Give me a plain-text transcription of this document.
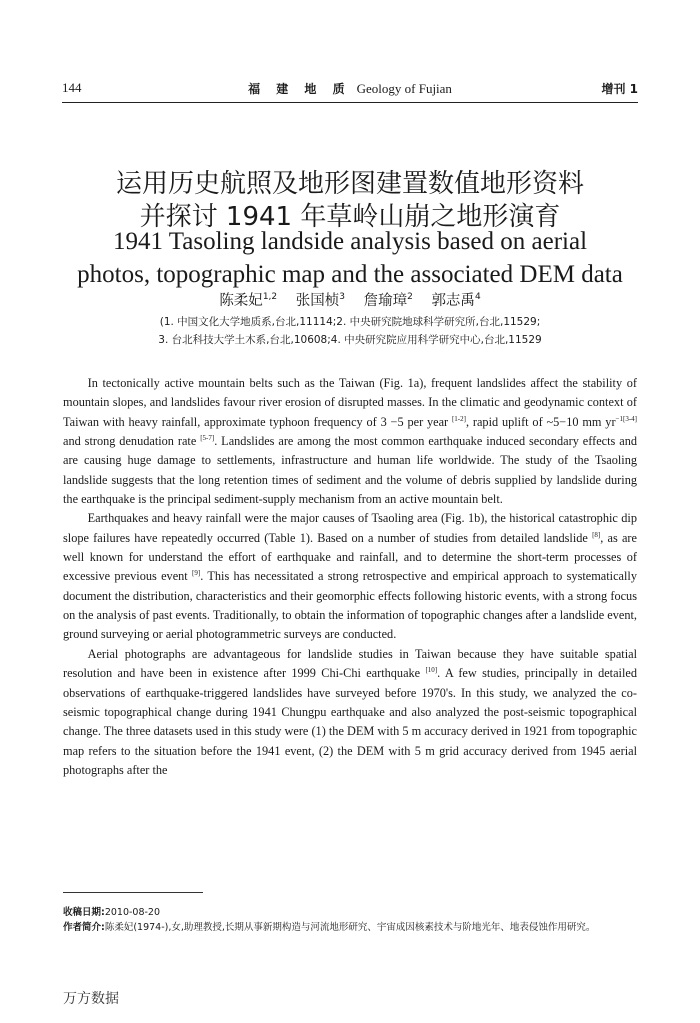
144	福 建 地 质 Geology of Fujian	增刊 1
运用历史航照及地形图建置数值地形资料
并探讨 1941 年草岭山崩之地形演育
1941 Tasoling landside analysis based on aerial
photos, topographic map and the associated DEM data
陈柔妃$^{1,2}$ 张国桢$^3$ 詹瑜璋$^2$ 郭志禹$^4$
(1. 中国文化大学地质系,台北,11114;2. 中央研究院地球科学研究所,台北,11529;
3. 台北科技大学土木系,台北,10608;4. 中央研究院应用科学研究中心,台北,11529

In tectonically active mountain belts such as the Taiwan (Fig. 1a), frequent landslides affect the stability of mountain slopes, and landslides favour river erosion of disrupted masses. In the climatic and geodynamic context of Taiwan with heavy rainfall, approximate typhoon frequency of 3 −5 per year [1-2], rapid uplift of ~5−10 mm $yr^{-1[3-4]}$ and strong denudation rate [5-7]. Landslides are among the most common earthquake induced secondary effects and are causing huge damage to settlements, infrastructure and human life worldwide. The study of the Tsaoling landslide suggests that the long retention times of sediment and the volume of debris supplied by landslide during the earthquake is the principal sediment-supply mechanism from an active mountain belt.

Earthquakes and heavy rainfall were the major causes of Tsaoling area (Fig. 1b), the historical catastrophic dip slope failures have repeatedly occurred (Table 1). Based on a number of studies from detailed landslide [8], as are well known for understand the effort of earthquake and rainfall, and to determine the short-term processes of excessive previous event [9]. This has necessitated a strong retrospective and empirical approach to systematically document the distribution, characteristics and their geomorphic effects following historic events, with a strong focus on the analysis of past events. Traditionally, to obtain the information of topographic changes after a landslide event, ground surveying or aerial photogrammetric surveys are conducted.

Aerial photographs are advantageous for landslide studies in Taiwan because they have suitable spatial resolution and have been in existence after 1999 Chi-Chi earthquake [10]. A few studies, principally in detailed observations of earthquake-triggered landslides have surveyed before 1970's. In this study, we analyzed the co-seismic topographical change during 1941 Chungpu earthquake and also analyzed the post-seismic topographical change. The three datasets used in this study were (1) the DEM with 5 m accuracy derived in 1921 from topographic map refers to the situation before the 1941 event, (2) the DEM with 5 m grid accuracy derived from 1945 aerial photographs after the

收稿日期:2010-08-20
作者简介:陈柔妃(1974-),女,助理教授,长期从事新期构造与河流地形研究、宇宙成因核素技术与阶地光年、地表侵蚀作用研究。
万方数据
